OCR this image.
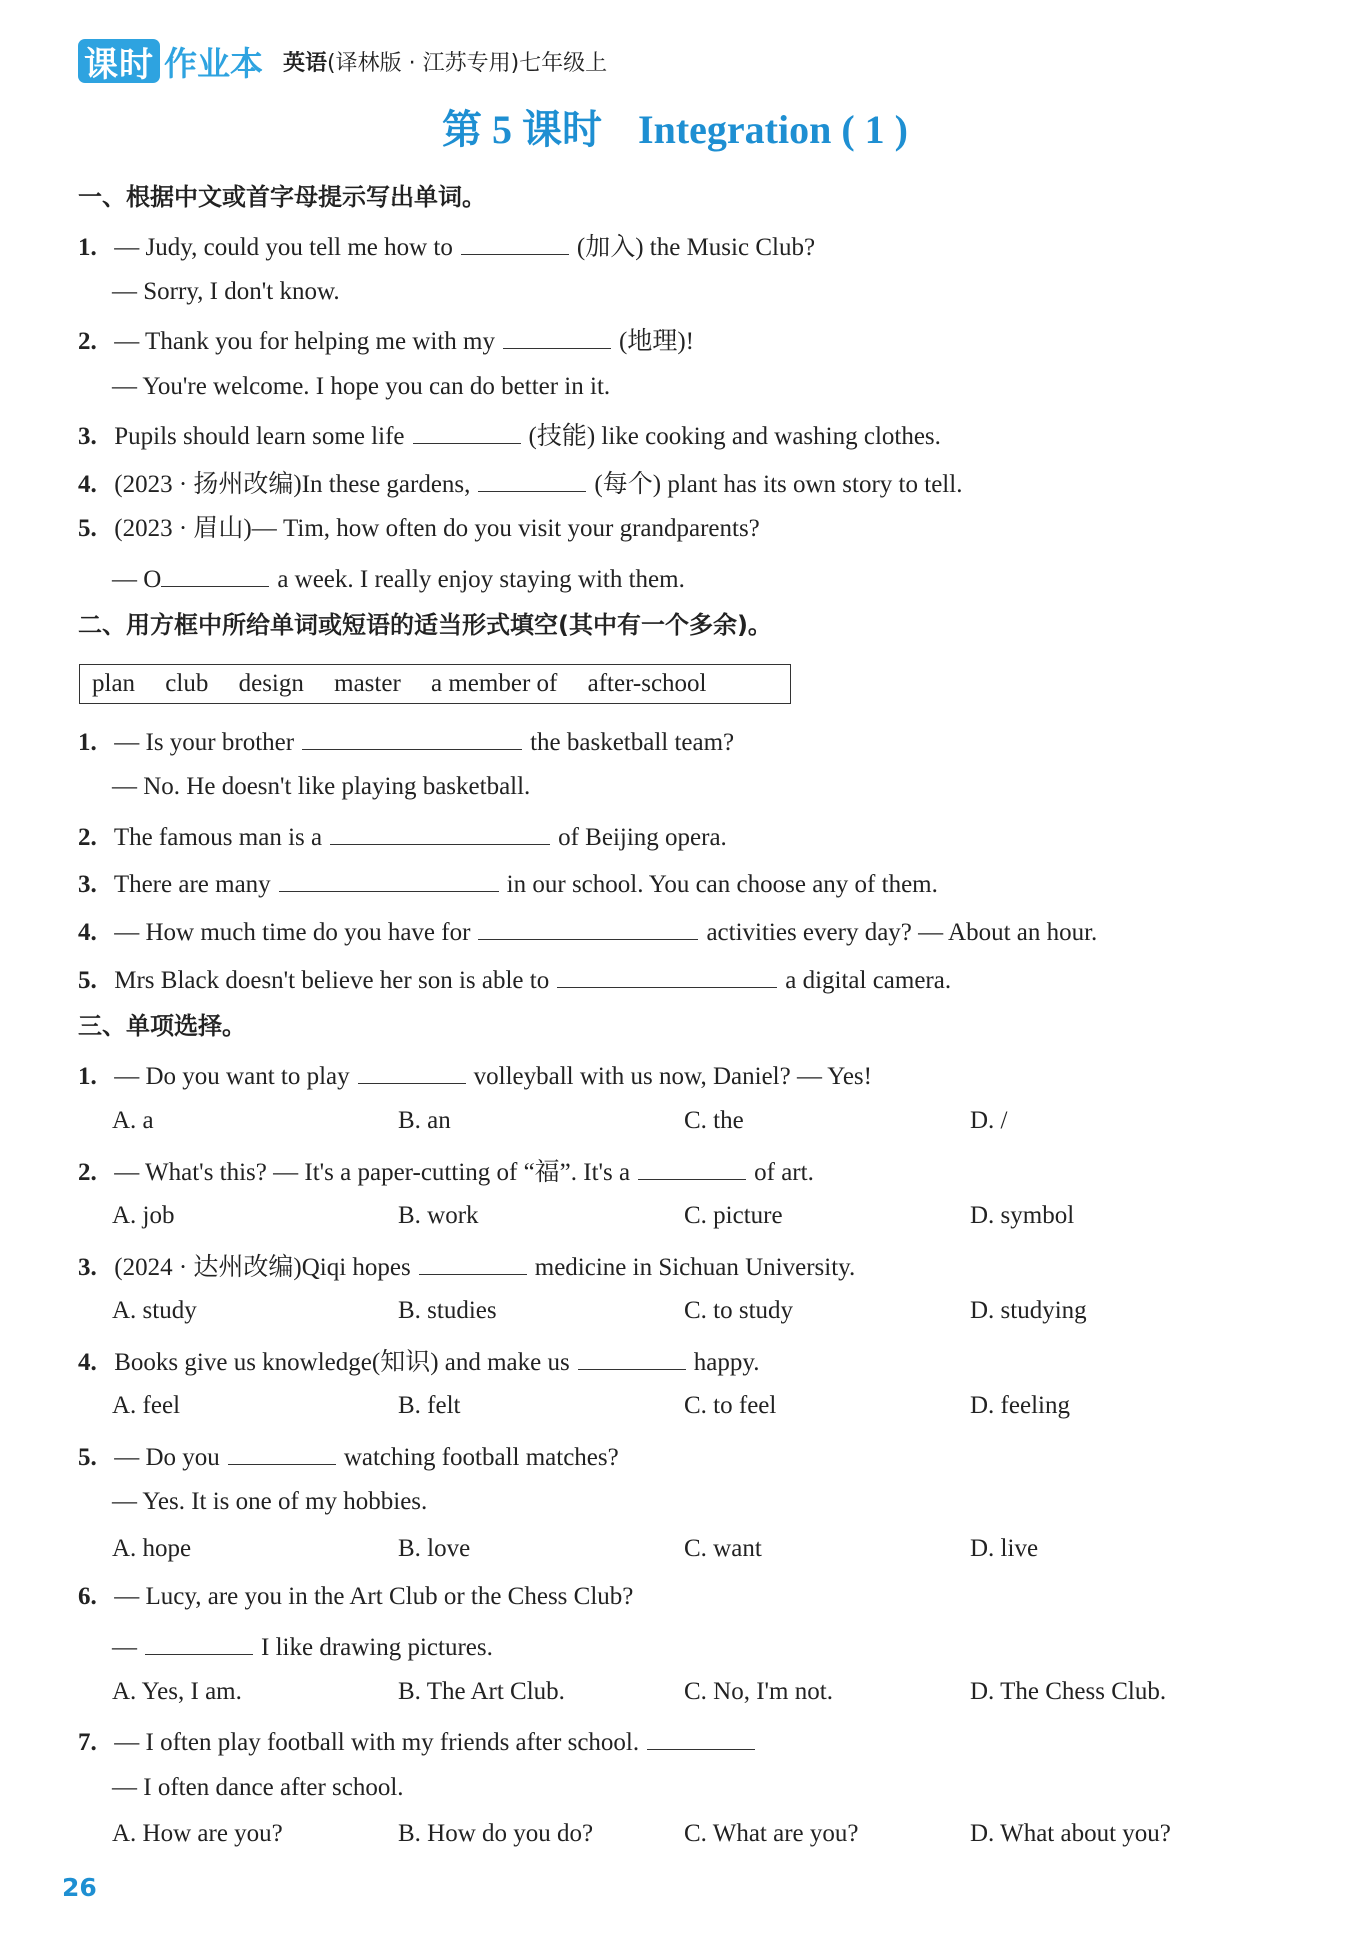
课时 作业本 英语 (译林版 · 江苏专用)七年级上
第 5 课时 Integration ( 1 )
一、根据中文或首字母提示写出单词。
1. — Judy, could you tell me how to	(加入) the Music Club?
— Sorry, I don't know.
2. — Thank you for helping me with my	(地理)!
— You're welcome. I hope you can do better in it.
3. Pupils should learn some life	(技能) like cooking and washing clothes.
4. (2023 · 扬州改编)In these gardens,	(每个) plant has its own story to tell.
5. (2023 · 眉山)— Tim, how often do you visit your grandparents?
— O	a week. I really enjoy staying with them.
二、用方框中所给单词或短语的适当形式填空(其中有一个多余)。
plan club design master a member of after-school
1. — Is your brother	the basketball team?
— No. He doesn't like playing basketball.
2. The famous man is a	of Beijing opera.
3. There are many	in our school. You can choose any of them.
4. — How much time do you have for	activities every day? — About an hour.
5. Mrs Black doesn't believe her son is able to	a digital camera.
三、单项选择。
1. — Do you want to play	volleyball with us now, Daniel? — Yes!
A. a	B. an	C. the	D. /
2. — What's this? — It's a paper-cutting of “福”. It's a	of art.
A. job	B. work	C. picture	D. symbol
3. (2024 · 达州改编)Qiqi hopes	medicine in Sichuan University.
A. study	B. studies	C. to study	D. studying
4. Books give us knowledge(知识) and make us	happy.
A. feel	B. felt	C. to feel	D. feeling
5. — Do you	watching football matches?
— Yes. It is one of my hobbies.
A. hope	B. love	C. want	D. live
6. — Lucy, are you in the Art Club or the Chess Club?
—	I like drawing pictures.
A. Yes, I am.	B. The Art Club.	C. No, I'm not.	D. The Chess Club.
7. — I often play football with my friends after school.
— I often dance after school.
A. How are you?	B. How do you do?	C. What are you?	D. What about you?
26
